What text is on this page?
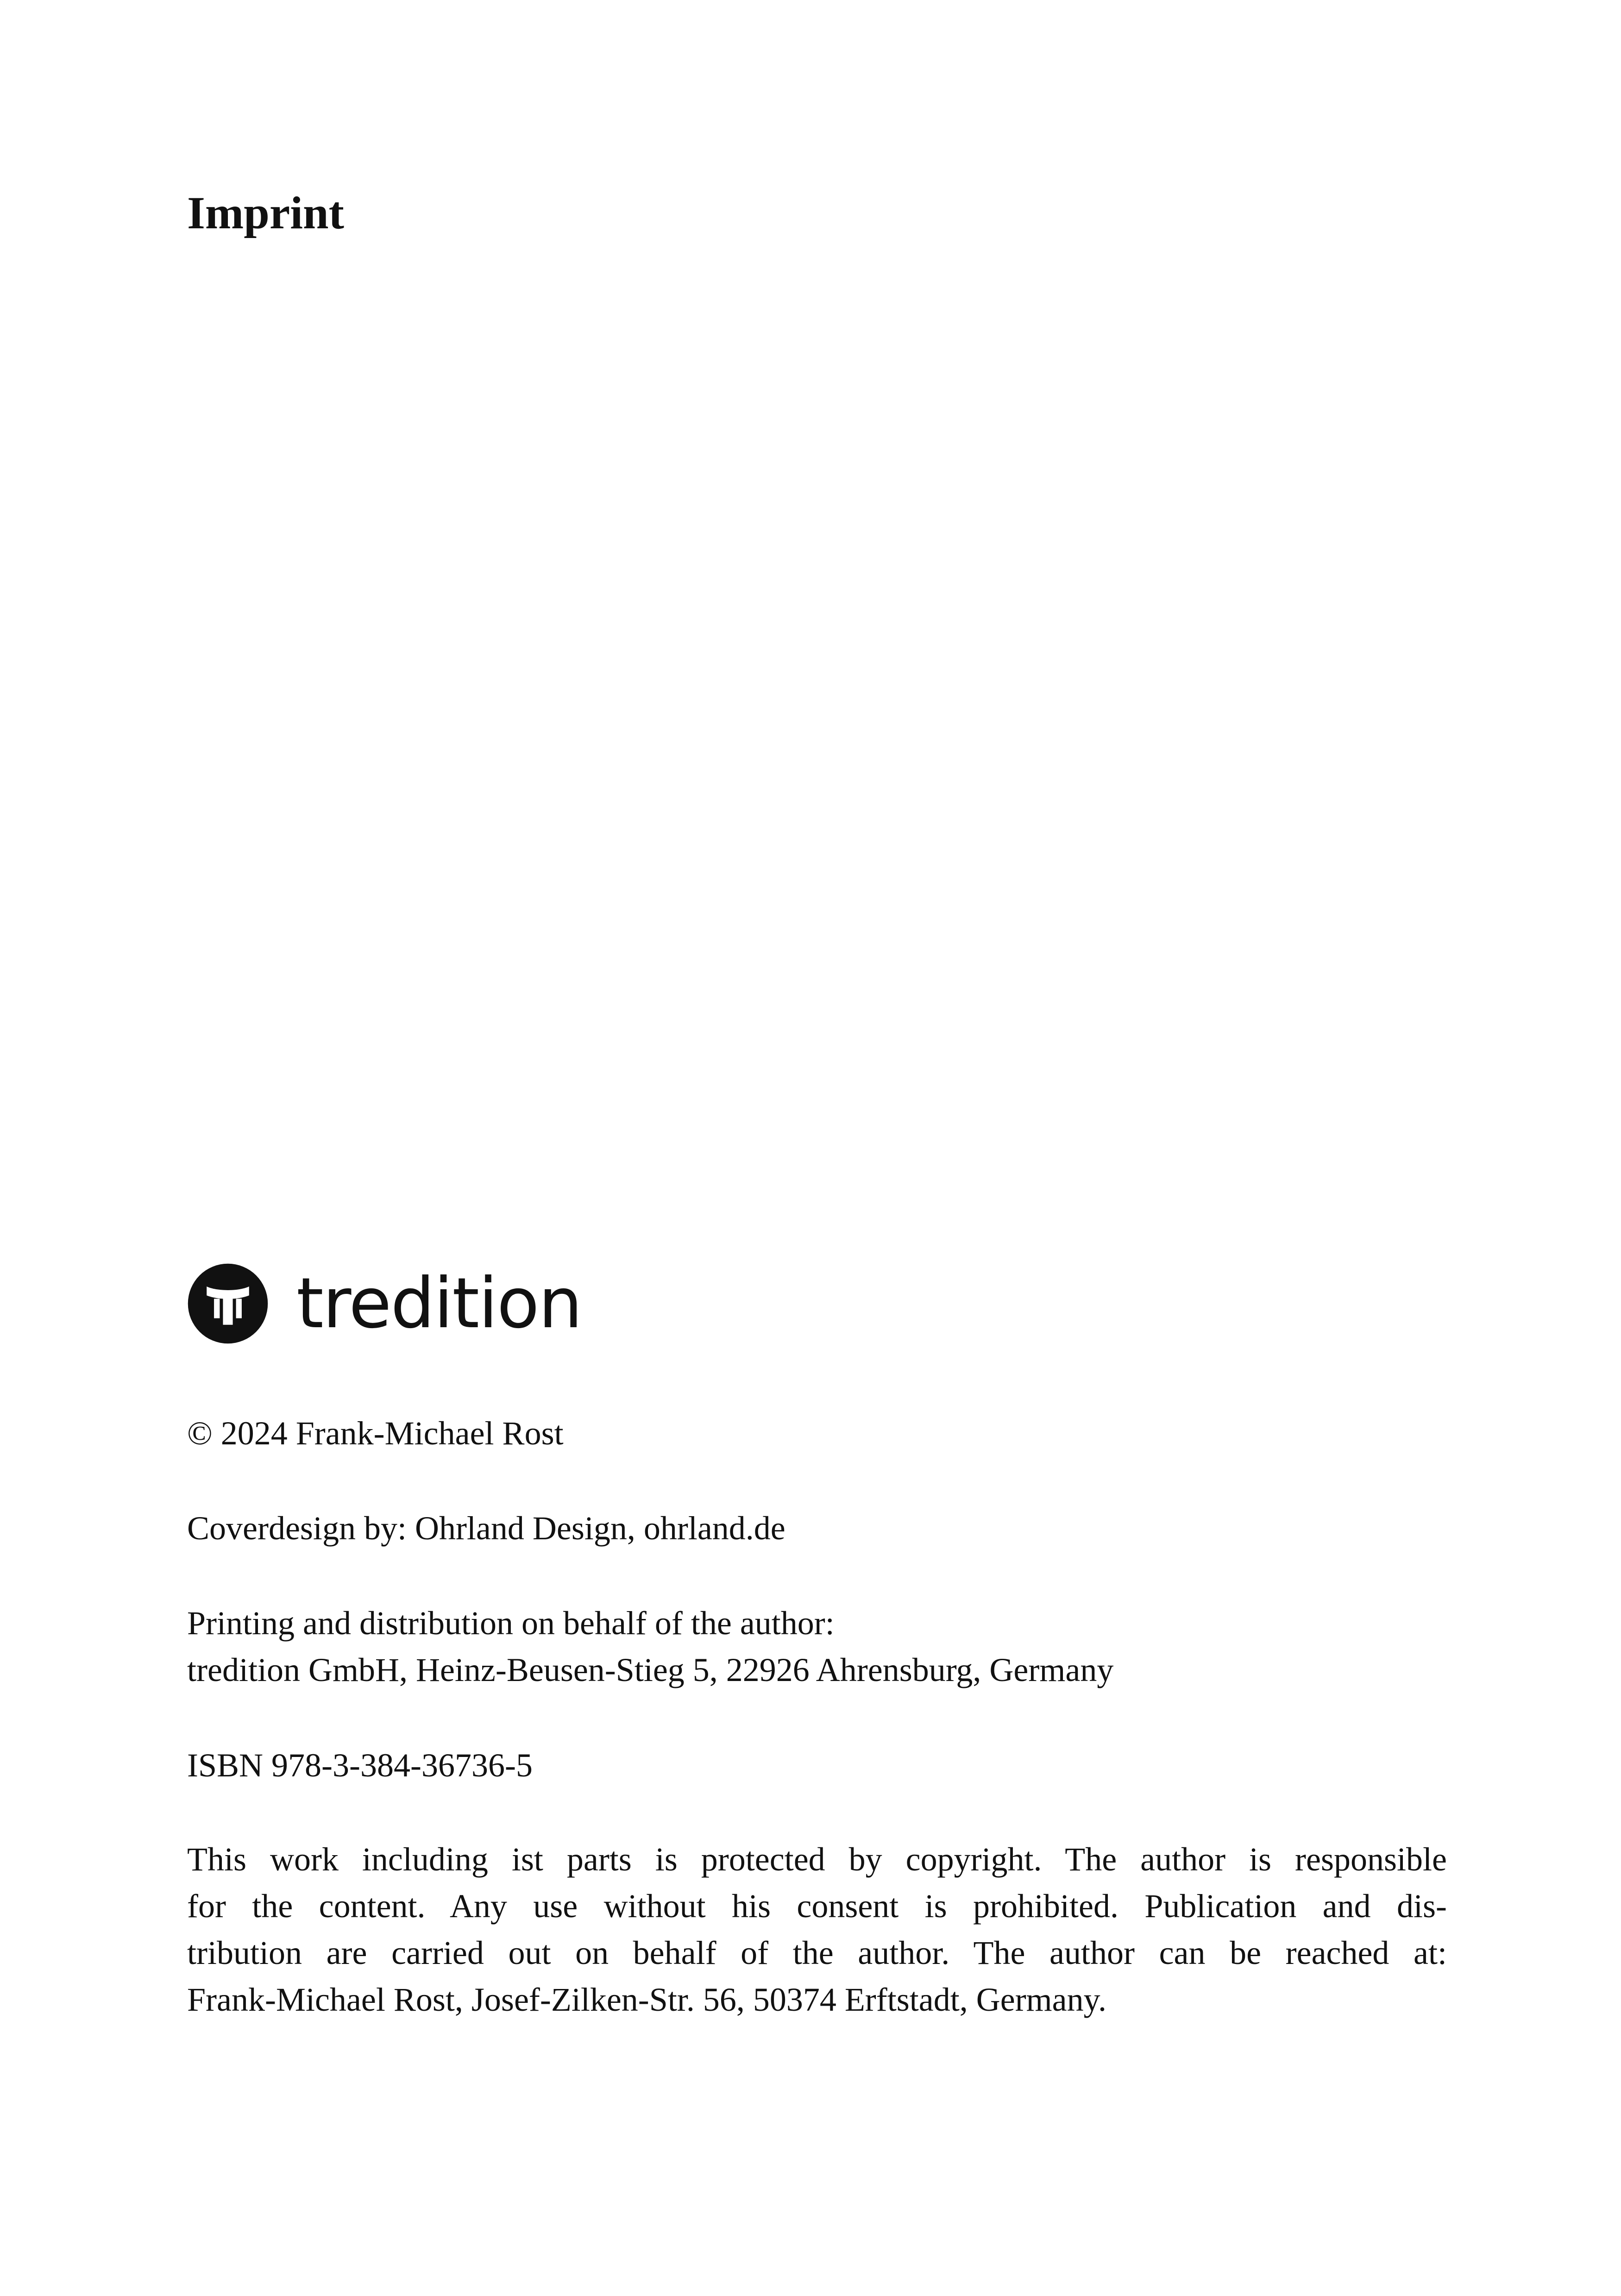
Imprint
tredition

© 2024 Frank-Michael Rost

Coverdesign by: Ohrland Design, ohrland.de

Printing and distribution on behalf of the author:
tredition GmbH, Heinz-Beusen-Stieg 5, 22926 Ahrensburg, Germany

ISBN 978-3-384-36736-5

This work including ist parts is protected by copyright. The author is responsible
for the content. Any use without his consent is prohibited. Publication and dis-
tribution are carried out on behalf of the author. The author can be reached at:
Frank-Michael Rost, Josef-Zilken-Str. 56, 50374 Erftstadt, Germany.
